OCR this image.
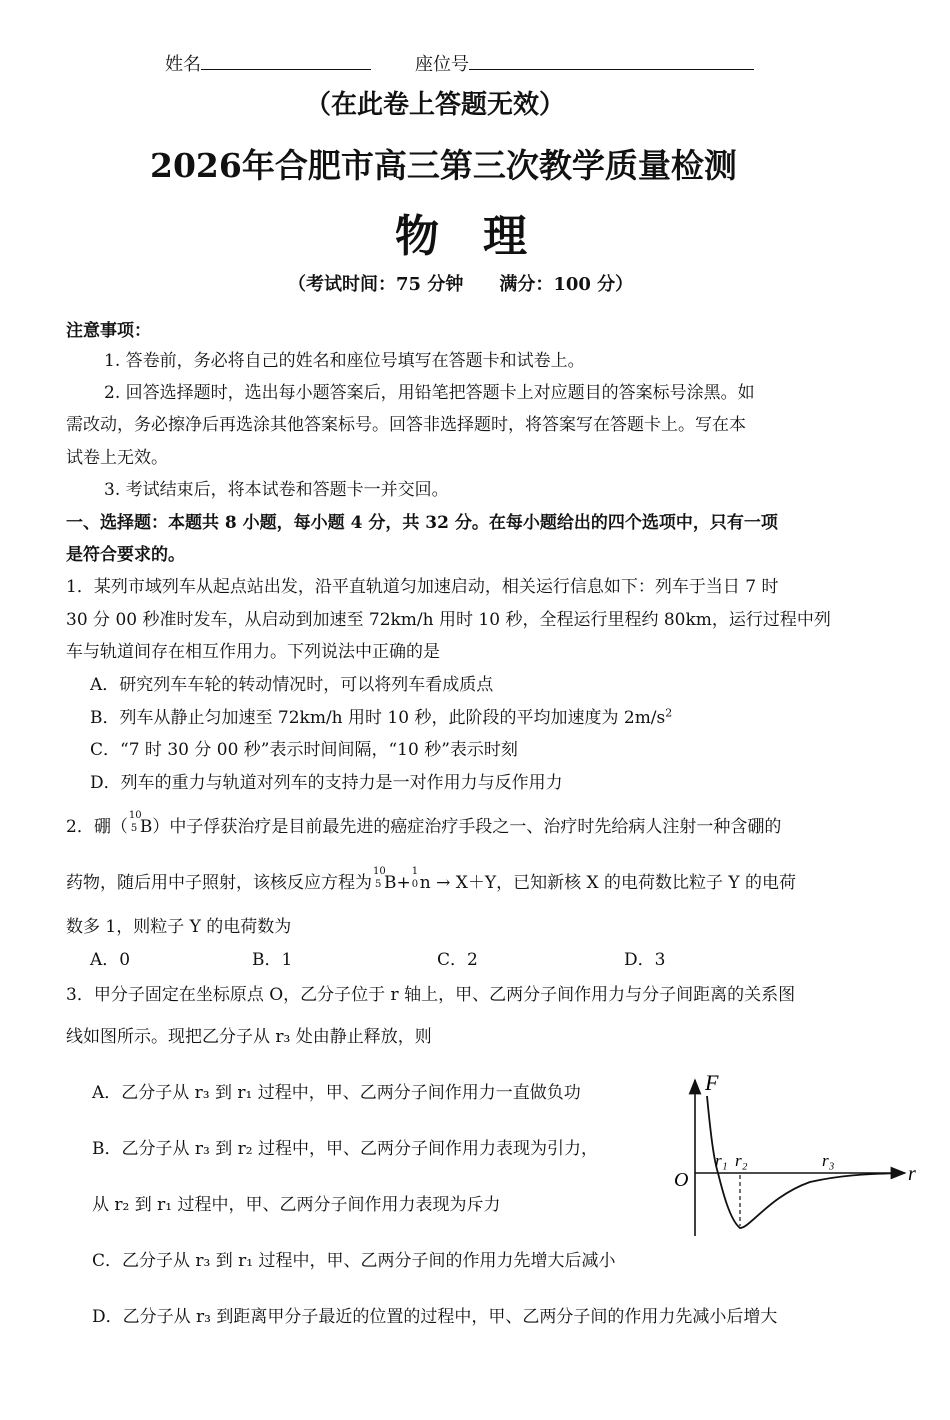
姓名	座位号
（在此卷上答题无效）
2026年合肥市高三第三次教学质量检测
物　理
（考试时间：75 分钟　　满分：100 分）
注意事项：
1. 答卷前，务必将自己的姓名和座位号填写在答题卡和试卷上。
2. 回答选择题时，选出每小题答案后，用铅笔把答题卡上对应题目的答案标号涂黑。如
需改动，务必擦净后再选涂其他答案标号。回答非选择题时，将答案写在答题卡上。写在本
试卷上无效。
3. 考试结束后，将本试卷和答题卡一并交回。
一、选择题：本题共 8 小题，每小题 4 分，共 32 分。在每小题给出的四个选项中，只有一项
是符合要求的。
1．某列市域列车从起点站出发，沿平直轨道匀加速启动，相关运行信息如下：列车于当日 7 时
30 分 00 秒准时发车，从启动到加速至 72km/h 用时 10 秒，全程运行里程约 80km，运行过程中列
车与轨道间存在相互作用力。下列说法中正确的是
A．研究列车车轮的转动情况时，可以将列车看成质点
B．列车从静止匀加速至 72km/h 用时 10 秒，此阶段的平均加速度为 $2m/s^2$
C．“7 时 30 分 00 秒”表示时间间隔，“10 秒”表示时刻
D．列车的重力与轨道对列车的支持力是一对作用力与反作用力
2．硼（
10
5 B）中子俘获治疗是目前最先进的癌症治疗手段之一、治疗时先给病人注射一种含硼的
药物，随后用中子照射，该核反应方程为
10
5 B+
1
0 n → X＋Y，已知新核 X 的电荷数比粒子 Y 的电荷
数多 1，则粒子 Y 的电荷数为
A．0	B．1	C．2	D．3
3．甲分子固定在坐标原点 O，乙分子位于 r 轴上，甲、乙两分子间作用力与分子间距离的关系图
线如图所示。现把乙分子从 r₃ 处由静止释放，则
A．乙分子从 r₃ 到 r₁ 过程中，甲、乙两分子间作用力一直做负功
B．乙分子从 r₃ 到 r₂ 过程中，甲、乙两分子间作用力表现为引力，
从 r₂ 到 r₁ 过程中，甲、乙两分子间作用力表现为斥力
C．乙分子从 r₃ 到 r₁ 过程中，甲、乙两分子间的作用力先增大后减小
D．乙分子从 r₃ 到距离甲分子最近的位置的过程中，甲、乙两分子间的作用力先减小后增大
F
O	r
r₁ r₂	r₃
